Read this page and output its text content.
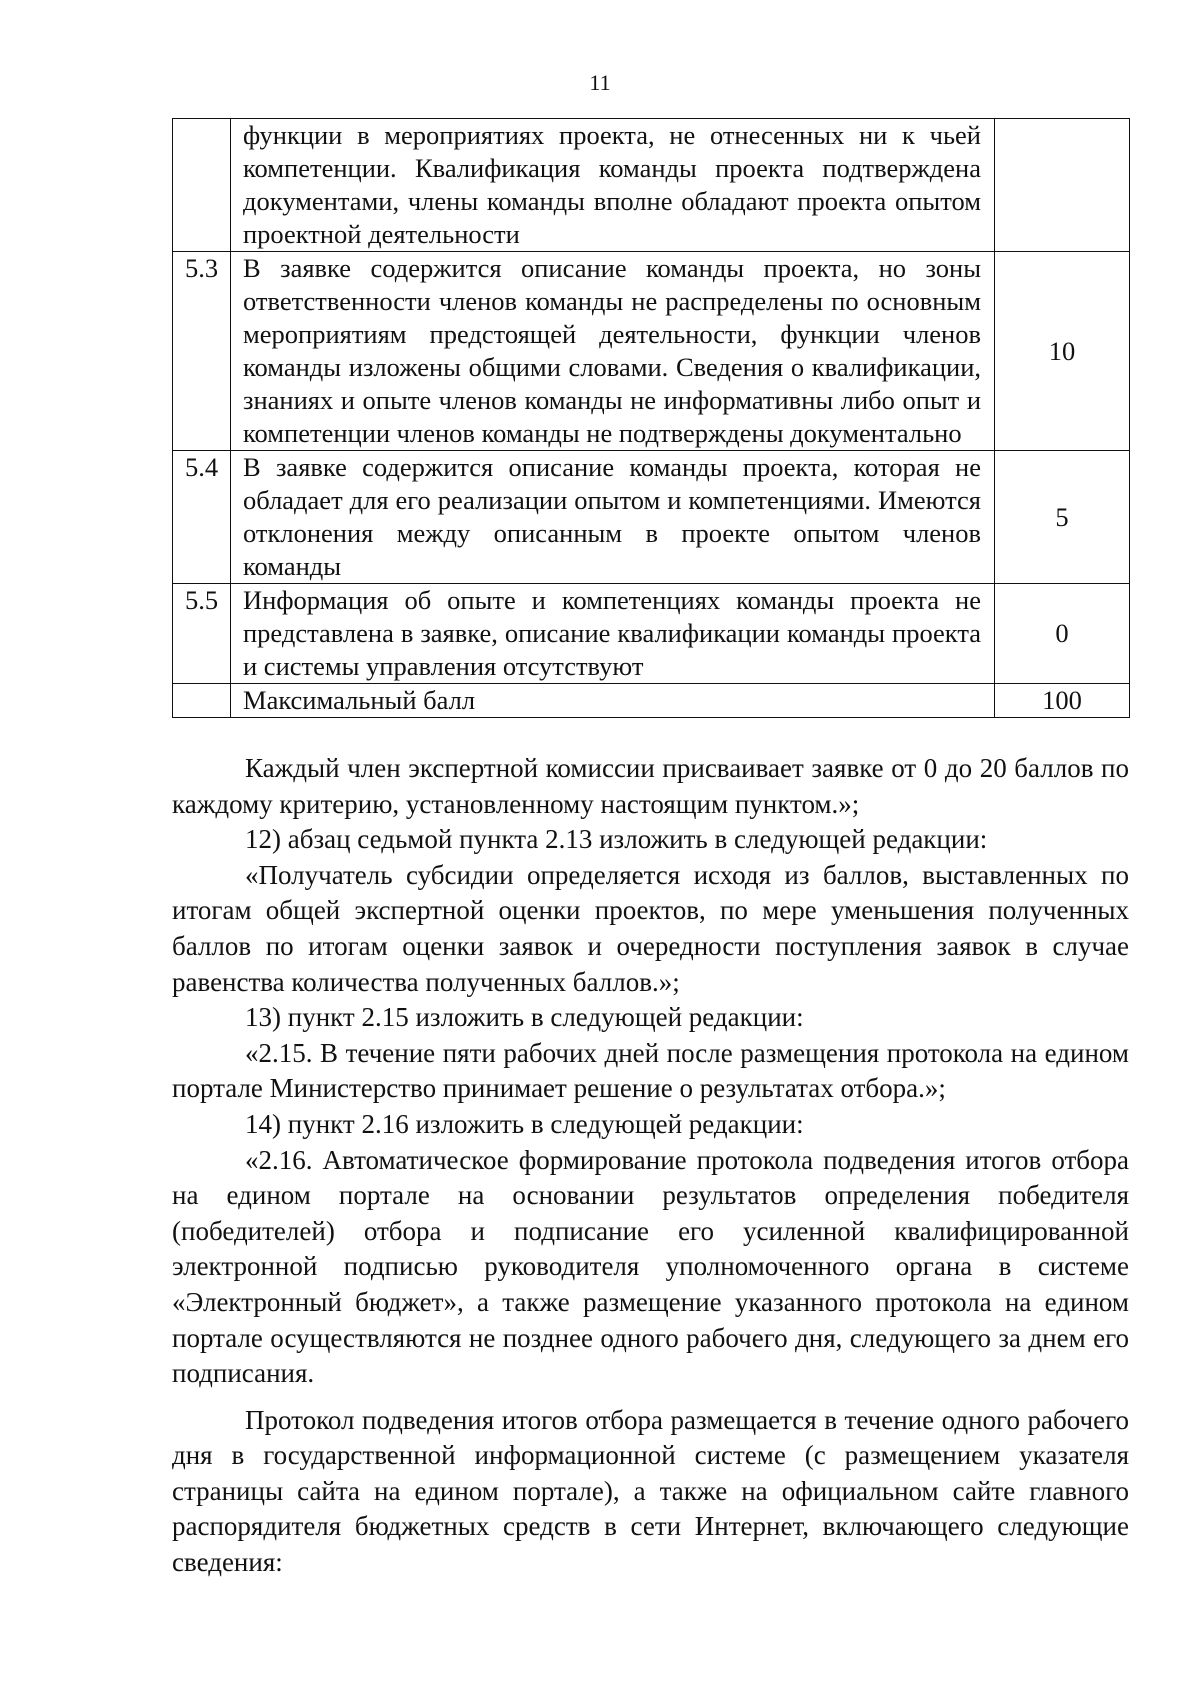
11
	функции в мероприятиях проекта, не отнесенных ни к чьей компетенции. Квалификация команды проекта подтверждена документами, члены команды вполне обладают проекта опытом проектной деятельности	
5.3	В заявке содержится описание команды проекта, но зоны ответственности членов команды не распределены по основным мероприятиям предстоящей деятельности, функции членов команды изложены общими словами. Сведения о квалификации, знаниях и опыте членов команды не информативны либо опыт и компетенции членов команды не подтверждены документально	10
5.4	В заявке содержится описание команды проекта, которая не обладает для его реализации опытом и компетенциями. Имеются отклонения между описанным в проекте опытом членов команды	5
5.5	Информация об опыте и компетенциях команды проекта не представлена в заявке, описание квалификации команды проекта и системы управления отсутствуют	0
	Максимальный балл	100

Каждый член экспертной комиссии присваивает заявке от 0 до 20 баллов по каждому критерию, установленному настоящим пунктом.»;

12) абзац седьмой пункта 2.13 изложить в следующей редакции:

«Получатель субсидии определяется исходя из баллов, выставленных по итогам общей экспертной оценки проектов, по мере уменьшения полученных баллов по итогам оценки заявок и очередности поступления заявок в случае равенства количества полученных баллов.»;

13) пункт 2.15 изложить в следующей редакции:

«2.15. В течение пяти рабочих дней после размещения протокола на едином портале Министерство принимает решение о результатах отбора.»;

14) пункт 2.16 изложить в следующей редакции:

«2.16. Автоматическое формирование протокола подведения итогов отбора на едином портале на основании результатов определения победителя (победителей) отбора и подписание его усиленной квалифицированной электронной подписью руководителя уполномоченного органа в системе «Электронный бюджет», а также размещение указанного протокола на едином портале осуществляются не позднее одного рабочего дня, следующего за днем его подписания.

Протокол подведения итогов отбора размещается в течение одного рабочего дня в государственной информационной системе (с размещением указателя страницы сайта на едином портале), а также на официальном сайте главного распорядителя бюджетных средств в сети Интернет, включающего следующие сведения:
